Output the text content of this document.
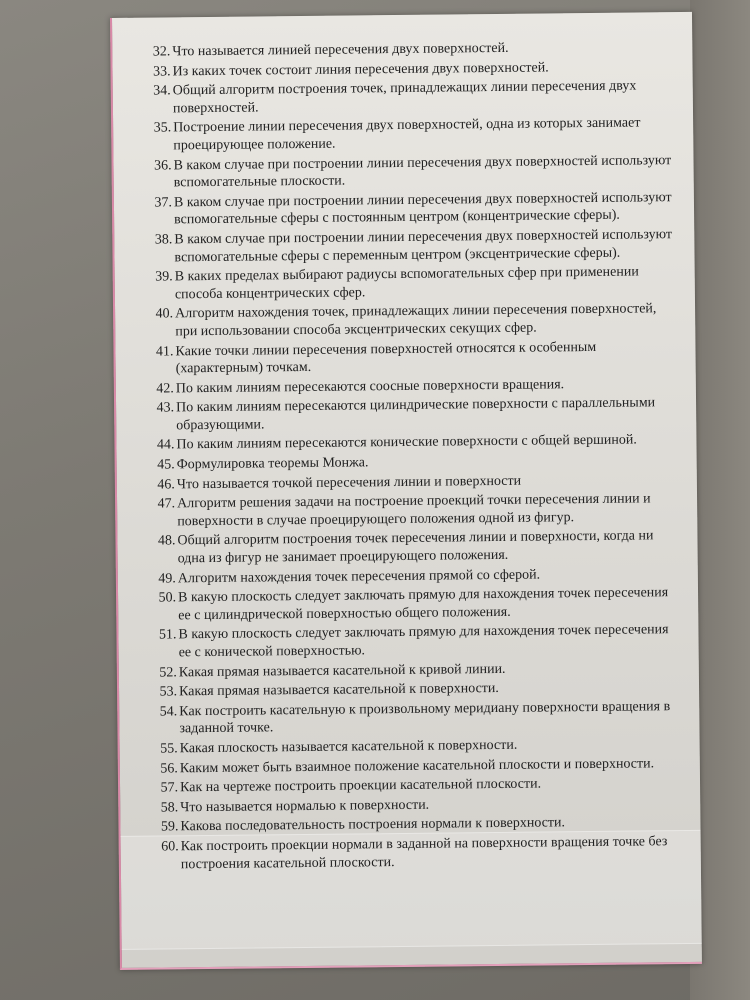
32. Что называется линией пересечения двух поверхностей.
33. Из каких точек состоит линия пересечения двух поверхностей.
34. Общий алгоритм построения точек, принадлежащих линии пересечения двух поверхностей.
35. Построение линии пересечения двух поверхностей, одна из которых занимает проецирующее положение.
36. В каком случае при построении линии пересечения двух поверхностей используют вспомогательные плоскости.
37. В каком случае при построении линии пересечения двух поверхностей используют вспомогательные сферы с постоянным центром (концентрические сферы).
38. В каком случае при построении линии пересечения двух поверхностей используют вспомогательные сферы с переменным центром (эксцентрические сферы).
39. В каких пределах выбирают радиусы вспомогательных сфер при применении способа концентрических сфер.
40. Алгоритм нахождения точек, принадлежащих линии пересечения поверхностей, при использовании способа эксцентрических секущих сфер.
41. Какие точки линии пересечения поверхностей относятся к особенным (характерным) точкам.
42. По каким линиям пересекаются соосные поверхности вращения.
43. По каким линиям пересекаются цилиндрические поверхности с параллельными образующими.
44. По каким линиям пересекаются конические поверхности с общей вершиной.
45. Формулировка теоремы Монжа.
46. Что называется точкой пересечения линии и поверхности
47. Алгоритм решения задачи на построение проекций точки пересечения линии и поверхности в случае проецирующего положения одной из фигур.
48. Общий алгоритм построения точек пересечения линии и поверхности, когда ни одна из фигур не занимает проецирующего положения.
49. Алгоритм нахождения точек пересечения прямой со сферой.
50. В какую плоскость следует заключать прямую для нахождения точек пересечения ее с цилиндрической поверхностью общего положения.
51. В какую плоскость следует заключать прямую для нахождения точек пересечения ее с конической поверхностью.
52. Какая прямая называется касательной к кривой линии.
53. Какая прямая называется касательной к поверхности.
54. Как построить касательную к произвольному меридиану поверхности вращения в заданной точке.
55. Какая плоскость называется касательной к поверхности.
56. Каким может быть взаимное положение касательной плоскости и поверхности.
57. Как на чертеже построить проекции касательной плоскости.
58. Что называется нормалью к поверхности.
59. Какова последовательность построения нормали к поверхности.
60. Как построить проекции нормали в заданной на поверхности вращения точке без построения касательной плоскости.
